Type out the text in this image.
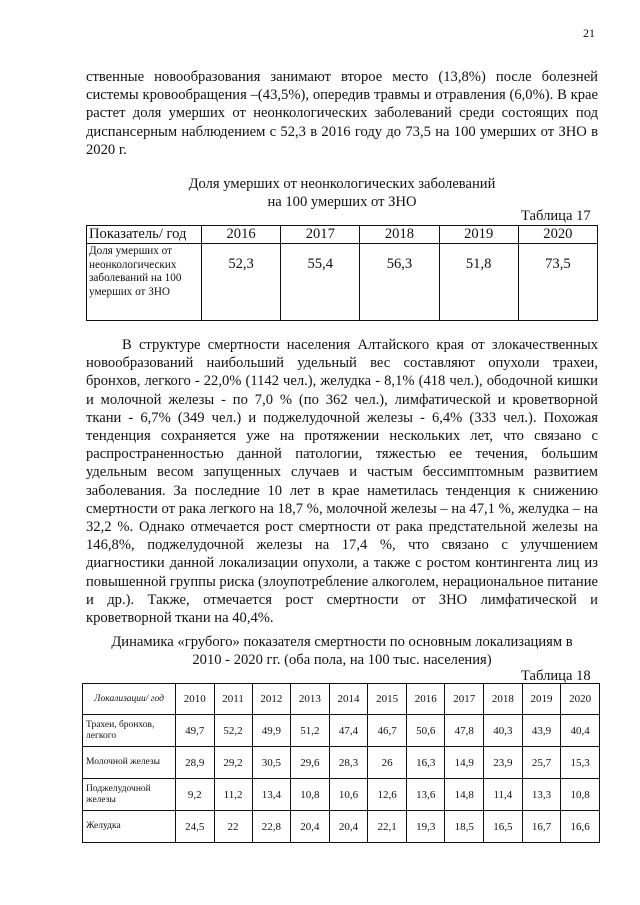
21

ственные новообразования занимают второе место (13,8%) после болезней системы кровообращения –(43,5%), опередив травмы и отравления (6,0%). В крае растет доля умерших от неонкологических заболеваний среди состоящих под диспансерным наблюдением с 52,3 в 2016 году до 73,5 на 100 умерших от ЗНО в 2020 г.

Доля умерших от неонкологических заболеваний
на 100 умерших от ЗНО

Таблица 17
Показатель/ год	2016	2017	2018	2019	2020
Доля умерших от неонкологических заболеваний на 100 умерших от ЗНО	52,3	55,4	56,3	51,8	73,5

В структуре смертности населения Алтайского края от злокачественных новообразований наибольший удельный вес составляют опухоли трахеи, бронхов, легкого - 22,0% (1142 чел.), желудка - 8,1% (418 чел.), ободочной кишки и молочной железы - по 7,0 % (по 362 чел.), лимфатической и кроветворной ткани - 6,7% (349 чел.) и поджелудочной железы - 6,4% (333 чел.). Похожая тенденция сохраняется уже на протяжении нескольких лет, что связано с распространенностью данной патологии, тяжестью ее течения, большим удельным весом запущенных случаев и частым бессимптомным развитием заболевания. За последние 10 лет в крае наметилась тенденция к снижению смертности от рака легкого на 18,7 %, молочной железы – на 47,1 %, желудка – на 32,2 %. Однако отмечается рост смертности от рака предстательной железы на 146,8%, поджелудочной железы на 17,4 %, что связано с улучшением диагностики данной локализации опухоли, а также с ростом контингента лиц из повышенной группы риска (злоупотребление алкоголем, нерациональное питание и др.). Также, отмечается рост смертности от ЗНО лимфатической и кроветворной ткани на 40,4%.

Динамика «грубого» показателя смертности по основным локализациям в
2010 - 2020 гг. (оба пола, на 100 тыс. населения)

Таблица 18
Локализации/ год	2010	2011	2012	2013	2014	2015	2016	2017	2018	2019	2020
Трахеи, бронхов, легкого	49,7	52,2	49,9	51,2	47,4	46,7	50,6	47,8	40,3	43,9	40,4
Молочной железы	28,9	29,2	30,5	29,6	28,3	26	16,3	14,9	23,9	25,7	15,3
Поджелудочной железы	9,2	11,2	13,4	10,8	10,6	12,6	13,6	14,8	11,4	13,3	10,8
Желудка	24,5	22	22,8	20,4	20,4	22,1	19,3	18,5	16,5	16,7	16,6
